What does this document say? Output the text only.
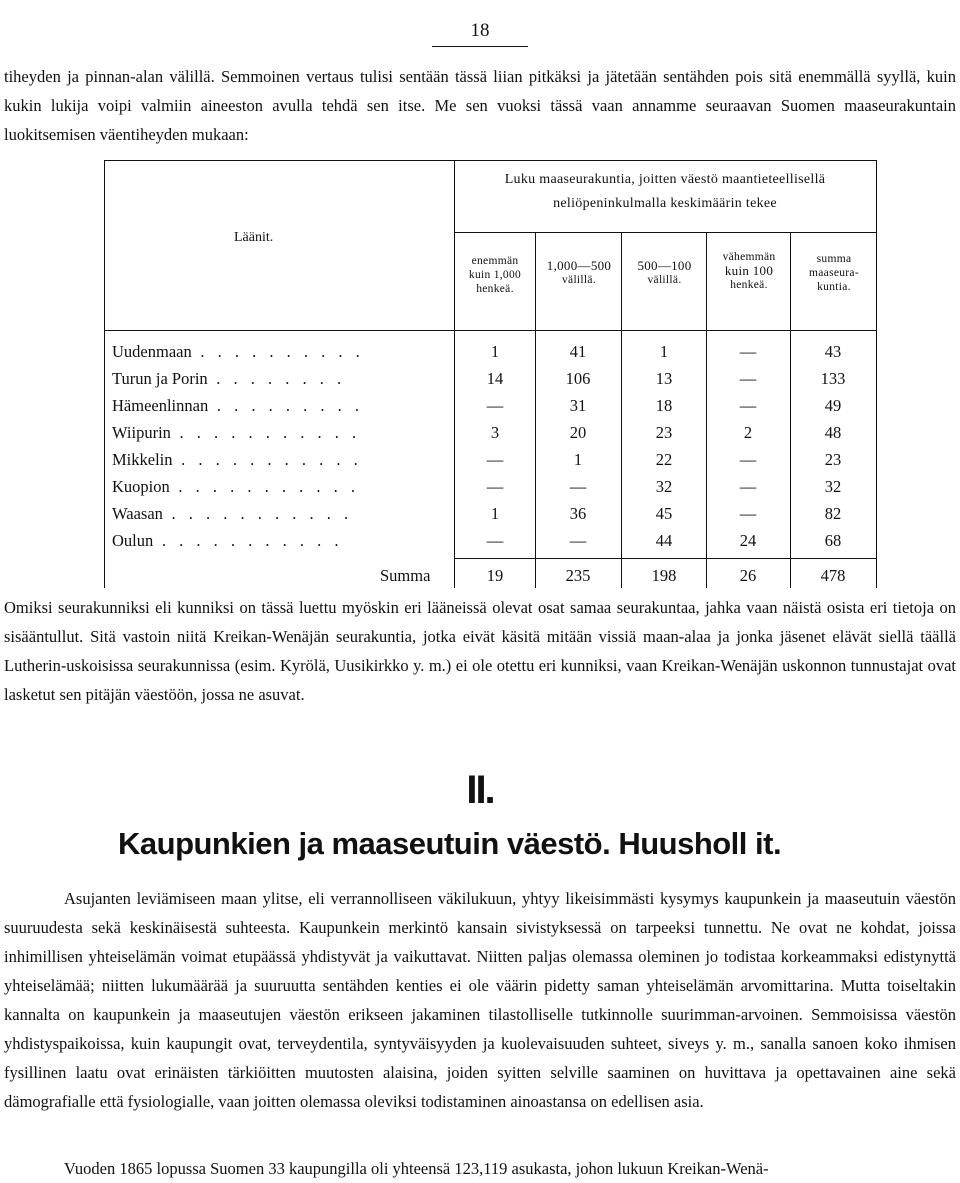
18

tiheyden ja pinnan-alan välillä. Semmoinen vertaus tulisi sentään tässä liian pitkäksi ja jätetään sentähden pois sitä enemmällä syyllä, kuin kukin lukija voipi valmiin aineeston avulla tehdä sen itse. Me sen vuoksi tässä vaan annamme seuraavan Suomen maaseurakuntain luokitsemisen väentiheyden mukaan:

Luku maaseurakuntia, joitten väestö maantieteellisellä neliöpeninkulmalla keskimäärin tekee
Läänit.
enemmän
kuin 1,000
henkeä.
1,000—500
välillä.
500—100
välillä.
vähemmän
kuin 100
henkeä.
summa
maaseura-
kuntia.
Uudenmaan . . . . . . . . . .	1	41	1	—	43
Turun ja Porin . . . . . . . .	14	106	13	—	133
Hämeenlinnan . . . . . . . . .	—	31	18	—	49
Wiipurin . . . . . . . . . . .	3	20	23	2	48
Mikkelin . . . . . . . . . . .	—	1	22	—	23
Kuopion . . . . . . . . . . .	—	—	32	—	32
Waasan . . . . . . . . . . .	1	36	45	—	82
Oulun . . . . . . . . . . .	—	—	44	24	68
Summa	19	235	198	26	478

Omiksi seurakunniksi eli kunniksi on tässä luettu myöskin eri lääneissä olevat osat samaa seurakuntaa, jahka vaan näistä osista eri tietoja on sisääntullut. Sitä vastoin niitä Kreikan-Wenäjän seurakuntia, jotka eivät käsitä mitään vissiä maan-alaa ja jonka jäsenet elävät siellä täällä Lutherin-uskoisissa seurakunnissa (esim. Kyrölä, Uusikirkko y. m.) ei ole otettu eri kunniksi, vaan Kreikan-Wenäjän uskonnon tunnustajat ovat lasketut sen pitäjän väestöön, jossa ne asuvat.

II.
Kaupunkien ja maaseutuin väestö. Huusholl it.

Asujanten leviämiseen maan ylitse, eli verrannolliseen väkilukuun, yhtyy likeisimmästi kysymys kaupunkein ja maaseutuin väestön suuruudesta sekä keskinäisestä suhteesta. Kaupunkein merkintö kansain sivistyksessä on tarpeeksi tunnettu. Ne ovat ne kohdat, joissa inhimillisen yhteiselämän voimat etupäässä yhdistyvät ja vaikuttavat. Niitten paljas olemassa oleminen jo todistaa korkeammaksi edistynyttä yhteiselämää; niitten lukumäärää ja suuruutta sentähden kenties ei ole väärin pidetty saman yhteiselämän arvomittarina. Mutta toiseltakin kannalta on kaupunkein ja maaseutujen väestön erikseen jakaminen tilastolliselle tutkinnolle suurimman-arvoinen. Semmoisissa väestön yhdistyspaikoissa, kuin kaupungit ovat, terveydentila, syntyväisyyden ja kuolevaisuuden suhteet, siveys y. m., sanalla sanoen koko ihmisen fysillinen laatu ovat erinäisten tärkiöitten muutosten alaisina, joiden syitten selville saaminen on huvittava ja opettavainen aine sekä dämografialle että fysiologialle, vaan joitten olemassa oleviksi todistaminen ainoastansa on edellisen asia.

Vuoden 1865 lopussa Suomen 33 kaupungilla oli yhteensä 123,119 asukasta, johon lukuun Kreikan-Wenä-
